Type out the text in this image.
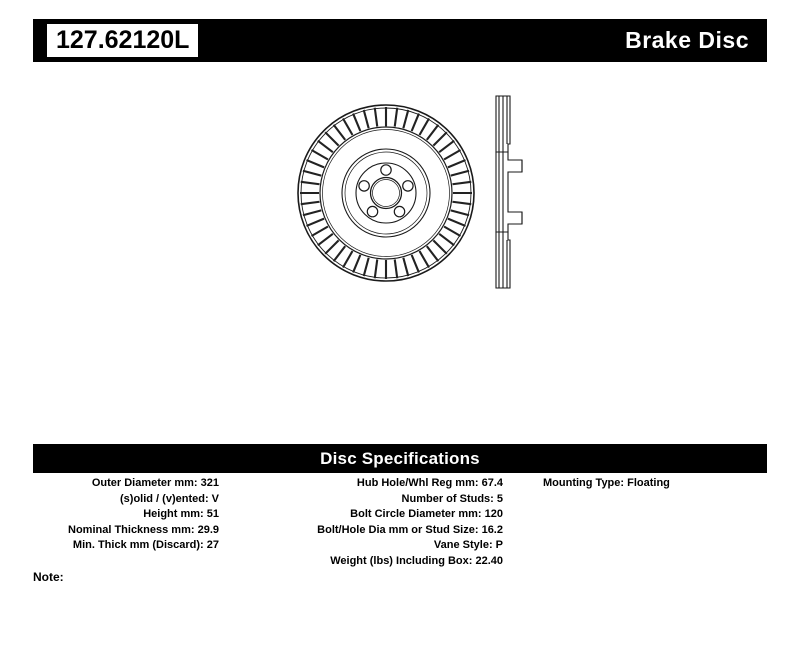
127.62120L	Brake Disc
Disc Specifications
Outer Diameter mm: 321
(s)olid / (v)ented: V
Height mm: 51
Nominal Thickness mm: 29.9
Min. Thick mm (Discard): 27
Hub Hole/Whl Reg mm: 67.4
Number of Studs: 5
Bolt Circle Diameter mm: 120
Bolt/Hole Dia mm or Stud Size: 16.2
Vane Style: P
Weight (lbs) Including Box: 22.40
Mounting Type: Floating
Note:
